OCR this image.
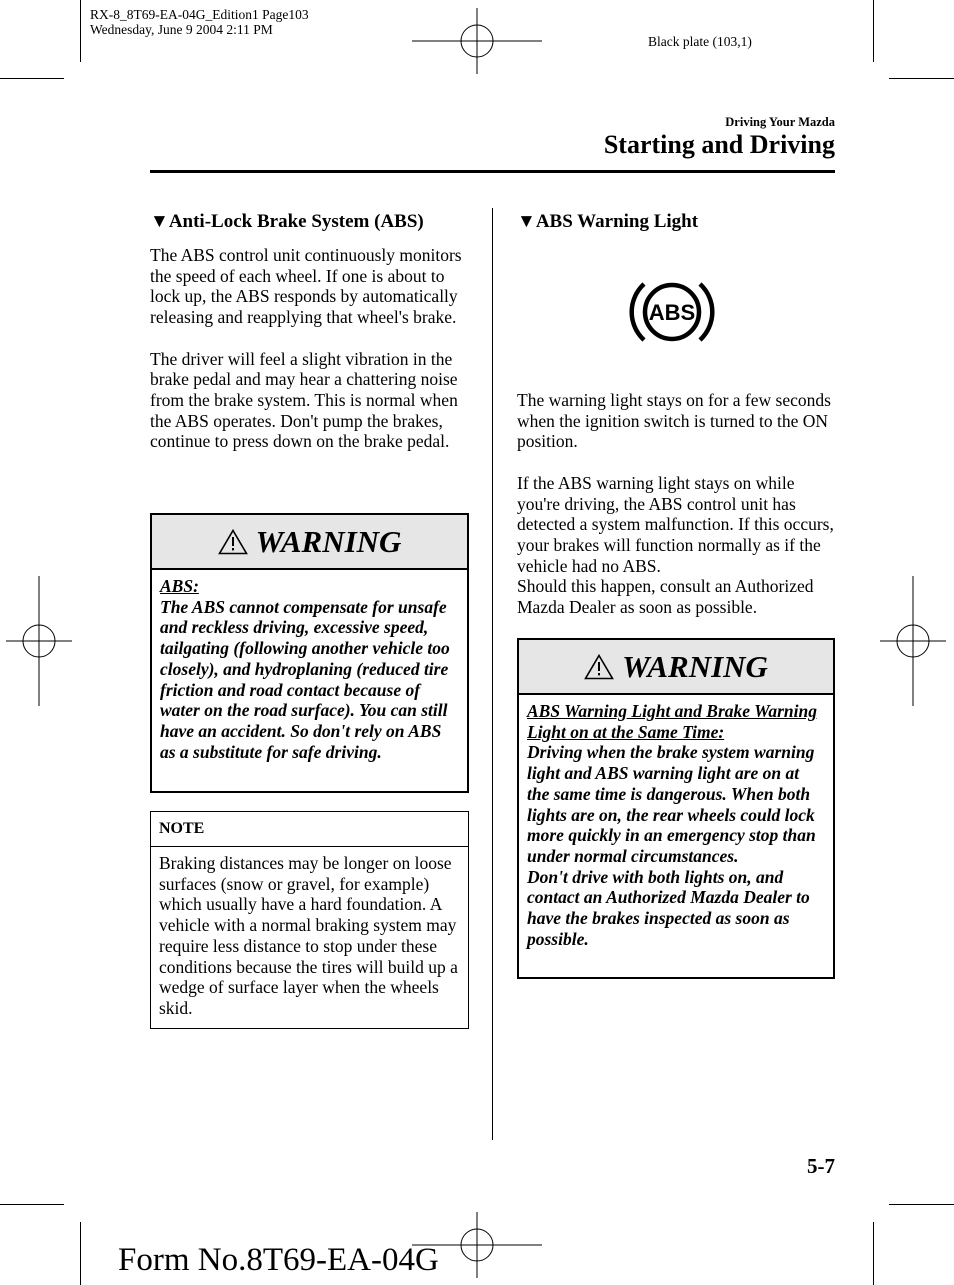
RX-8_8T69-EA-04G_Edition1 Page103
Wednesday, June 9 2004 2:11 PM
Black plate (103,1)
Driving Your Mazda
Starting and Driving
▼Anti-Lock Brake System (ABS)

The ABS control unit continuously monitors the speed of each wheel. If one is about to lock up, the ABS responds by automatically releasing and reapplying that wheel's brake.

The driver will feel a slight vibration in the brake pedal and may hear a chattering noise from the brake system. This is normal when the ABS operates. Don't pump the brakes, continue to press down on the brake pedal.

WARNING
ABS:
The ABS cannot compensate for unsafe and reckless driving, excessive speed, tailgating (following another vehicle too closely), and hydroplaning (reduced tire friction and road contact because of water on the road surface). You can still have an accident. So don't rely on ABS as a substitute for safe driving.
NOTE
Braking distances may be longer on loose surfaces (snow or gravel, for example) which usually have a hard foundation. A vehicle with a normal braking system may require less distance to stop under these conditions because the tires will build up a wedge of surface layer when the wheels skid.
▼ABS Warning Light
ABS

The warning light stays on for a few seconds when the ignition switch is turned to the ON position.

If the ABS warning light stays on while you're driving, the ABS control unit has detected a system malfunction. If this occurs, your brakes will function normally as if the vehicle had no ABS.

Should this happen, consult an Authorized Mazda Dealer as soon as possible.
WARNING
ABS Warning Light and Brake Warning Light on at the Same Time:
Driving when the brake system warning light and ABS warning light are on at the same time is dangerous. When both lights are on, the rear wheels could lock more quickly in an emergency stop than under normal circumstances.
Don't drive with both lights on, and contact an Authorized Mazda Dealer to have the brakes inspected as soon as possible.
5-7
Form No.8T69-EA-04G
